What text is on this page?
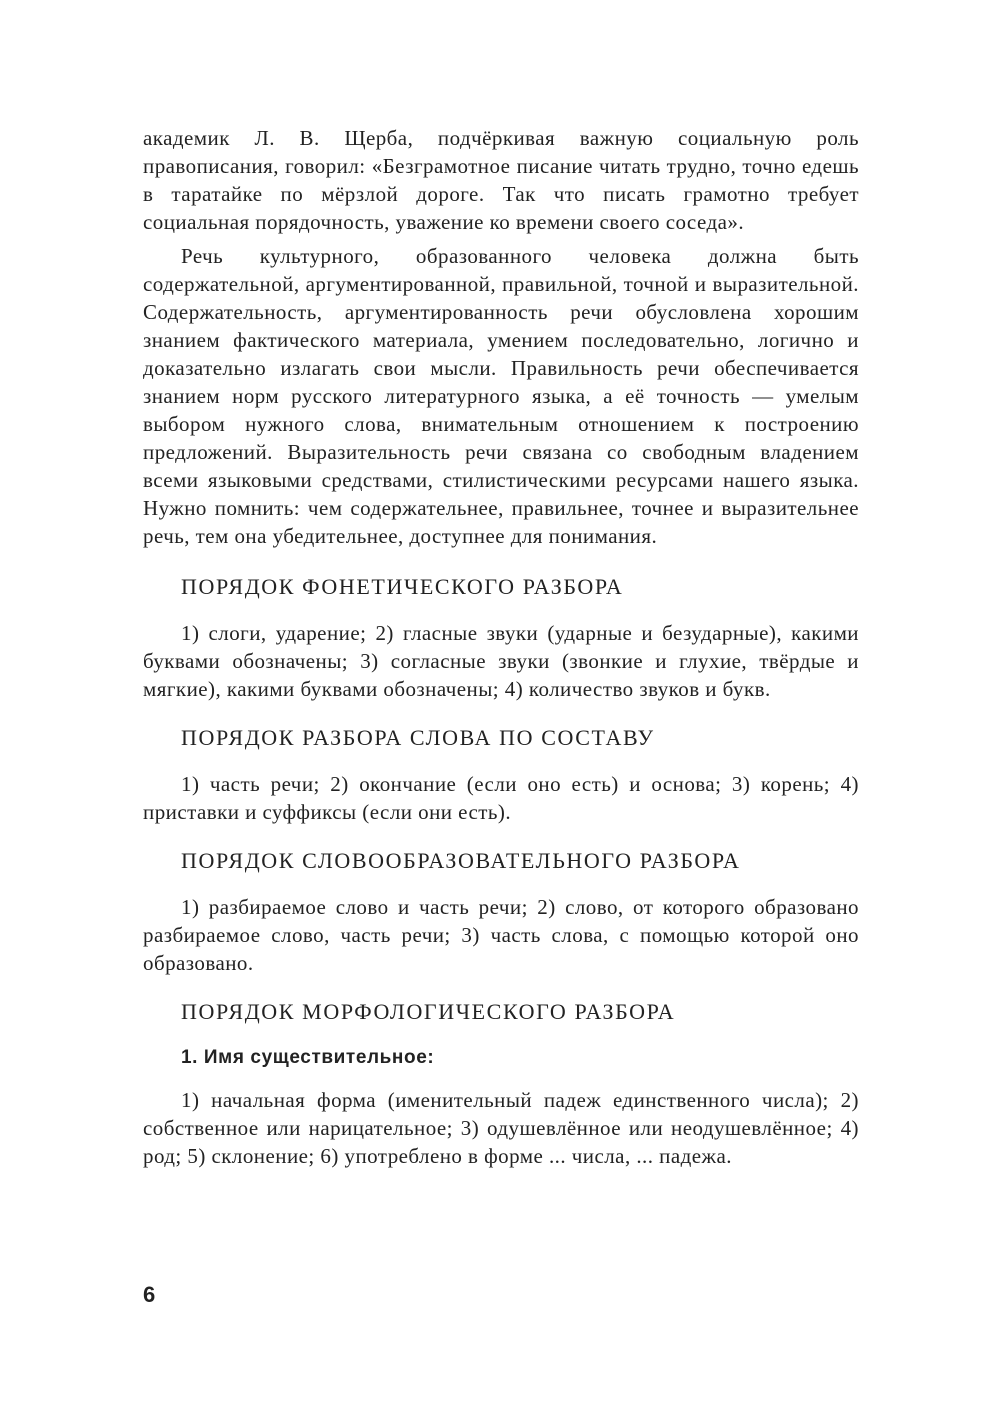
академик Л. В. Щерба, подчёркивая важную социальную роль правописания, говорил: «Безграмотное писание читать трудно, точно едешь в таратайке по мёрзлой дороге. Так что писать грамотно требует социальная порядочность, уважение ко времени своего соседа».

Речь культурного, образованного человека должна быть содержательной, аргументированной, правильной, точной и выразительной. Содержательность, аргументированность речи обусловлена хорошим знанием фактического материала, умением последовательно, логично и доказательно излагать свои мысли. Правильность речи обеспечивается знанием норм русского литературного языка, а её точность — умелым выбором нужного слова, внимательным отношением к построению предложений. Выразительность речи связана со свободным владением всеми языковыми средствами, стилистическими ресурсами нашего языка. Нужно помнить: чем содержательнее, правильнее, точнее и выразительнее речь, тем она убедительнее, доступнее для понимания.

ПОРЯДОК ФОНЕТИЧЕСКОГО РАЗБОРА

1) слоги, ударение; 2) гласные звуки (ударные и безударные), какими буквами обозначены; 3) согласные звуки (звонкие и глухие, твёрдые и мягкие), какими буквами обозначены; 4) количество звуков и букв.

ПОРЯДОК РАЗБОРА СЛОВА ПО СОСТАВУ

1) часть речи; 2) окончание (если оно есть) и основа; 3) корень; 4) приставки и суффиксы (если они есть).

ПОРЯДОК СЛОВООБРАЗОВАТЕЛЬНОГО РАЗБОРА

1) разбираемое слово и часть речи; 2) слово, от которого образовано разбираемое слово, часть речи; 3) часть слова, с помощью которой оно образовано.

ПОРЯДОК МОРФОЛОГИЧЕСКОГО РАЗБОРА
1. Имя существительное:

1) начальная форма (именительный падеж единственного числа); 2) собственное или нарицательное; 3) одушевлённое или неодушевлённое; 4) род; 5) склонение; 6) употреблено в форме ... числа, ... падежа.

6
